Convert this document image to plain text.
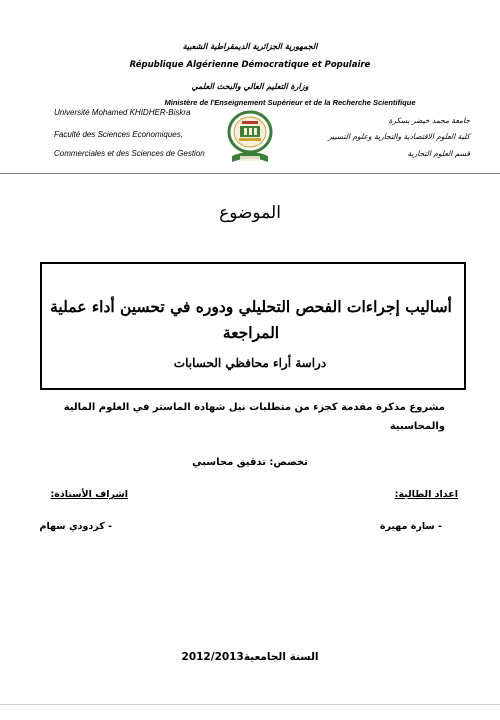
الجمهورية الجزائرية الديمقراطية الشعبية
République Algérienne Démocratique et Populaire
وزارة التعليم العالي والبحث العلمي
Ministère de l'Enseignement Supérieur et de la Recherche Scientifique
Université Mohamed KHIDHER-Biskra
Faculté des Sciences Economiques,
Commerciales et des Sciences de Gestion
جامعة محمد خيضر بسكرة
كلية العلوم الاقتصادية والتجارية وعلوم التسيير
قسم العلوم التجارية
الموضوع
أساليب إجراءات الفحص التحليلي ودوره في تحسين أداء عملية المراجعة
دراسة أراء محافظي الحسابات
مشروع مذكرة مقدمة كجزء من متطلبات نيل شهادة الماستر في العلوم المالية والمحاسبية
تخصص: تدقيق محاسبي
اعداد الطالبة:
اشراف الأستاذة:
- سارة مهيرة
- كردودي سهام
السنة الجامعية2012/2013
